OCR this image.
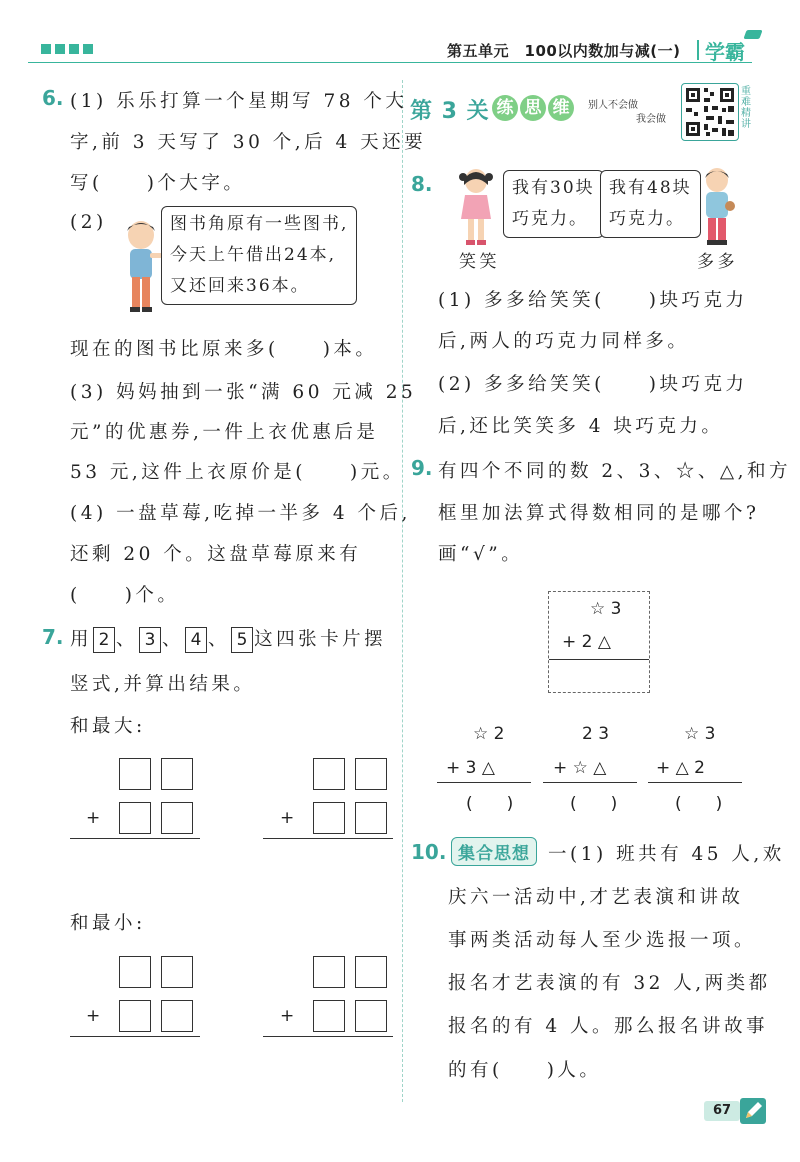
第五单元　100以内数加与减(一) 学霸
6. (1) 乐乐打算一个星期写 78 个大
字,前 3 天写了 30 个,后 4 天还要
写(　　)个大字。
(2)	图书角原有一些图书,
今天上午借出24本,
又还回来36本。
现在的图书比原来多(　　)本。
(3) 妈妈抽到一张“满 60 元减 25
元”的优惠券,一件上衣优惠后是
53 元,这件上衣原价是(　　)元。
(4) 一盘草莓,吃掉一半多 4 个后,
还剩 20 个。这盘草莓原来有
(　　)个。
7. 用 2 、 3 、 4 、 5 这四张卡片摆
竖式,并算出结果。
和最大:
+	+
和最小:
+	+
第 3 关 练 思 维	别人不会做
我会做
重难精讲
8.	我有30块
巧克力。
我有48块
巧克力。
笑笑	多多
(1) 多多给笑笑(　　)块巧克力
后,两人的巧克力同样多。
(2) 多多给笑笑(　　)块巧克力
后,还比笑笑多 4 块巧克力。
9. 有四个不同的数 2、3、☆、△,和方
框里加法算式得数相同的是哪个?
画“√”。
☆ 3
+ 2 △
☆ 2
+ 3 △
(　　)
2 3
+ ☆ △
(　　)
☆ 3
+ △ 2
(　　)
10. 集合思想 一(1) 班共有 45 人,欢
庆六一活动中,才艺表演和讲故
事两类活动每人至少选报一项。
报名才艺表演的有 32 人,两类都
报名的有 4 人。那么报名讲故事
的有(　　)人。
67
